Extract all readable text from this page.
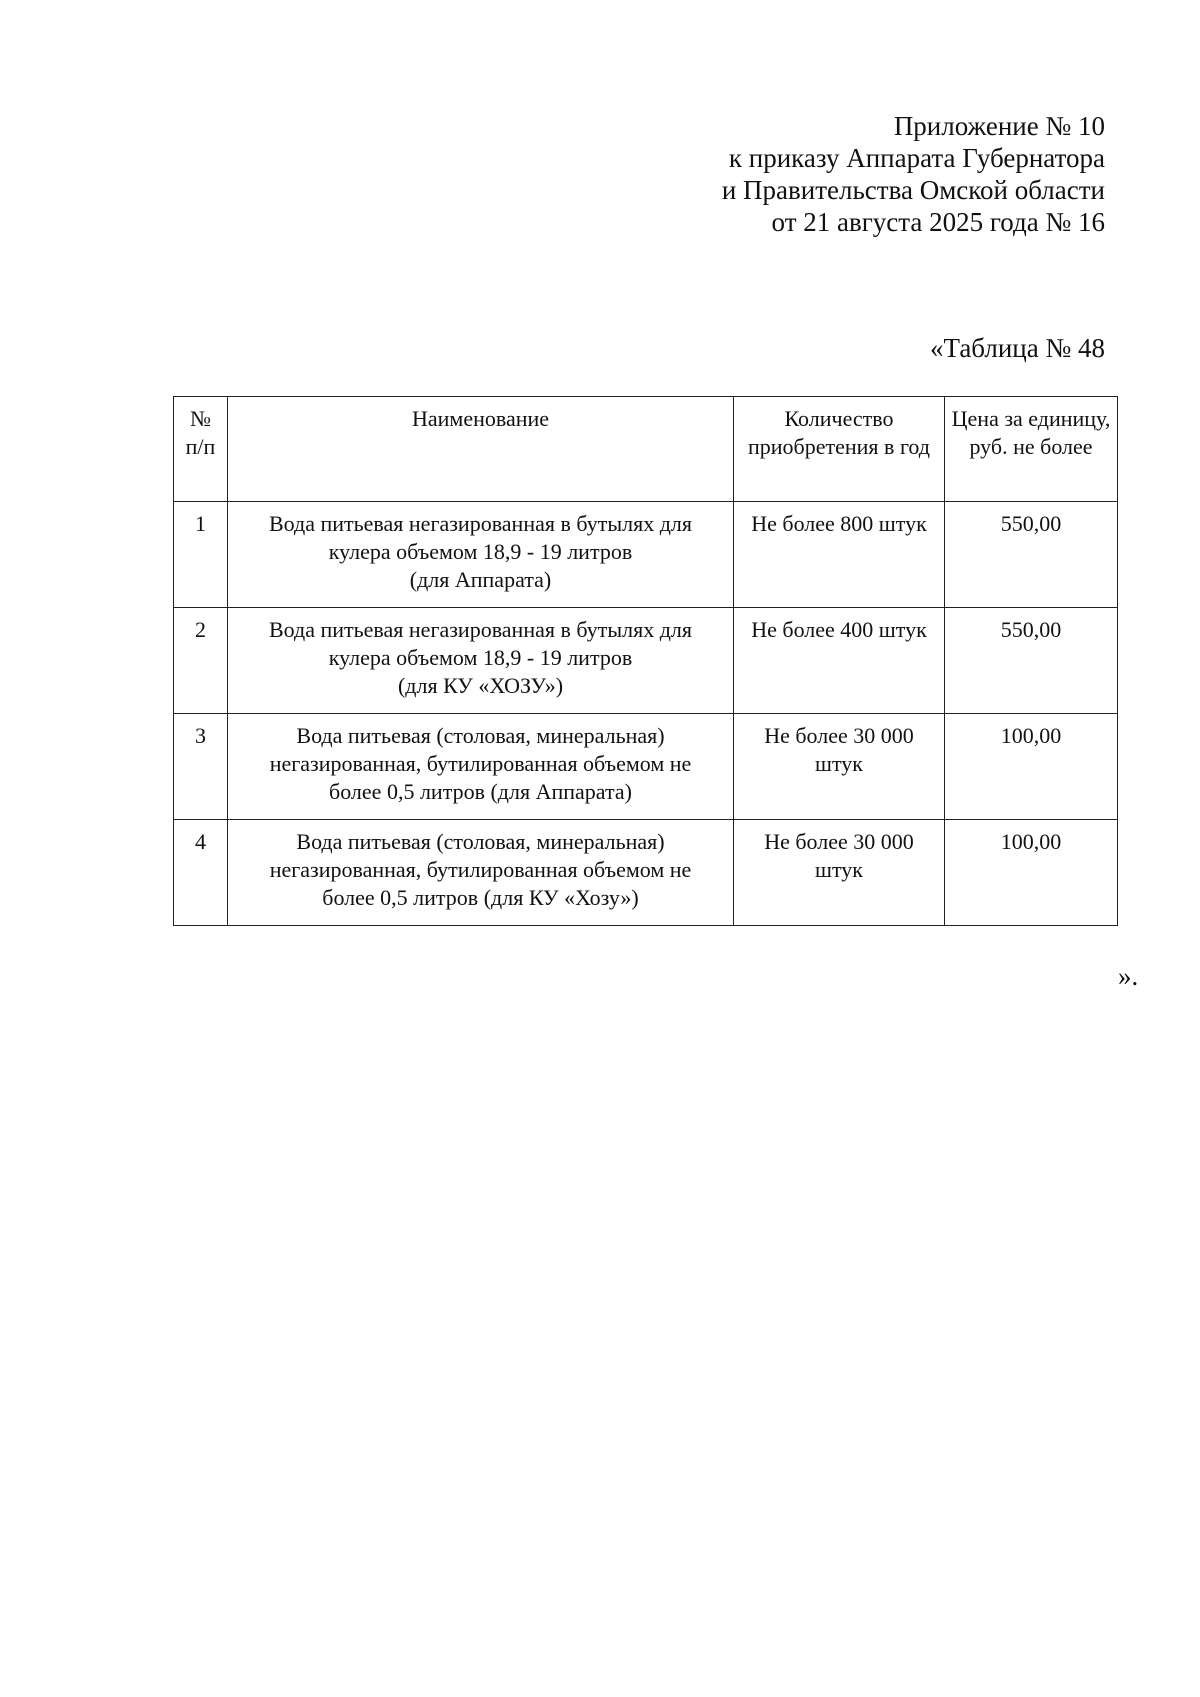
Приложение № 10
к приказу Аппарата Губернатора
и Правительства Омской области
от 21 августа 2025 года № 16
«Таблица № 48
№ п/п	Наименование	Количество приобретения в год	Цена за единицу, руб. не более
1	Вода питьевая негазированная в бутылях для
кулера объемом 18,9 - 19 литров
(для Аппарата)	Не более 800 штук	550,00
2	Вода питьевая негазированная в бутылях для
кулера объемом 18,9 - 19 литров
(для КУ «ХОЗУ»)	Не более 400 штук	550,00
3	Вода питьевая (столовая, минеральная)
негазированная, бутилированная объемом не
более 0,5 литров (для Аппарата)	Не более 30 000 штук	100,00
4	Вода питьевая (столовая, минеральная)
негазированная, бутилированная объемом не
более 0,5 литров (для КУ «Хозу»)	Не более 30 000 штук	100,00
».
